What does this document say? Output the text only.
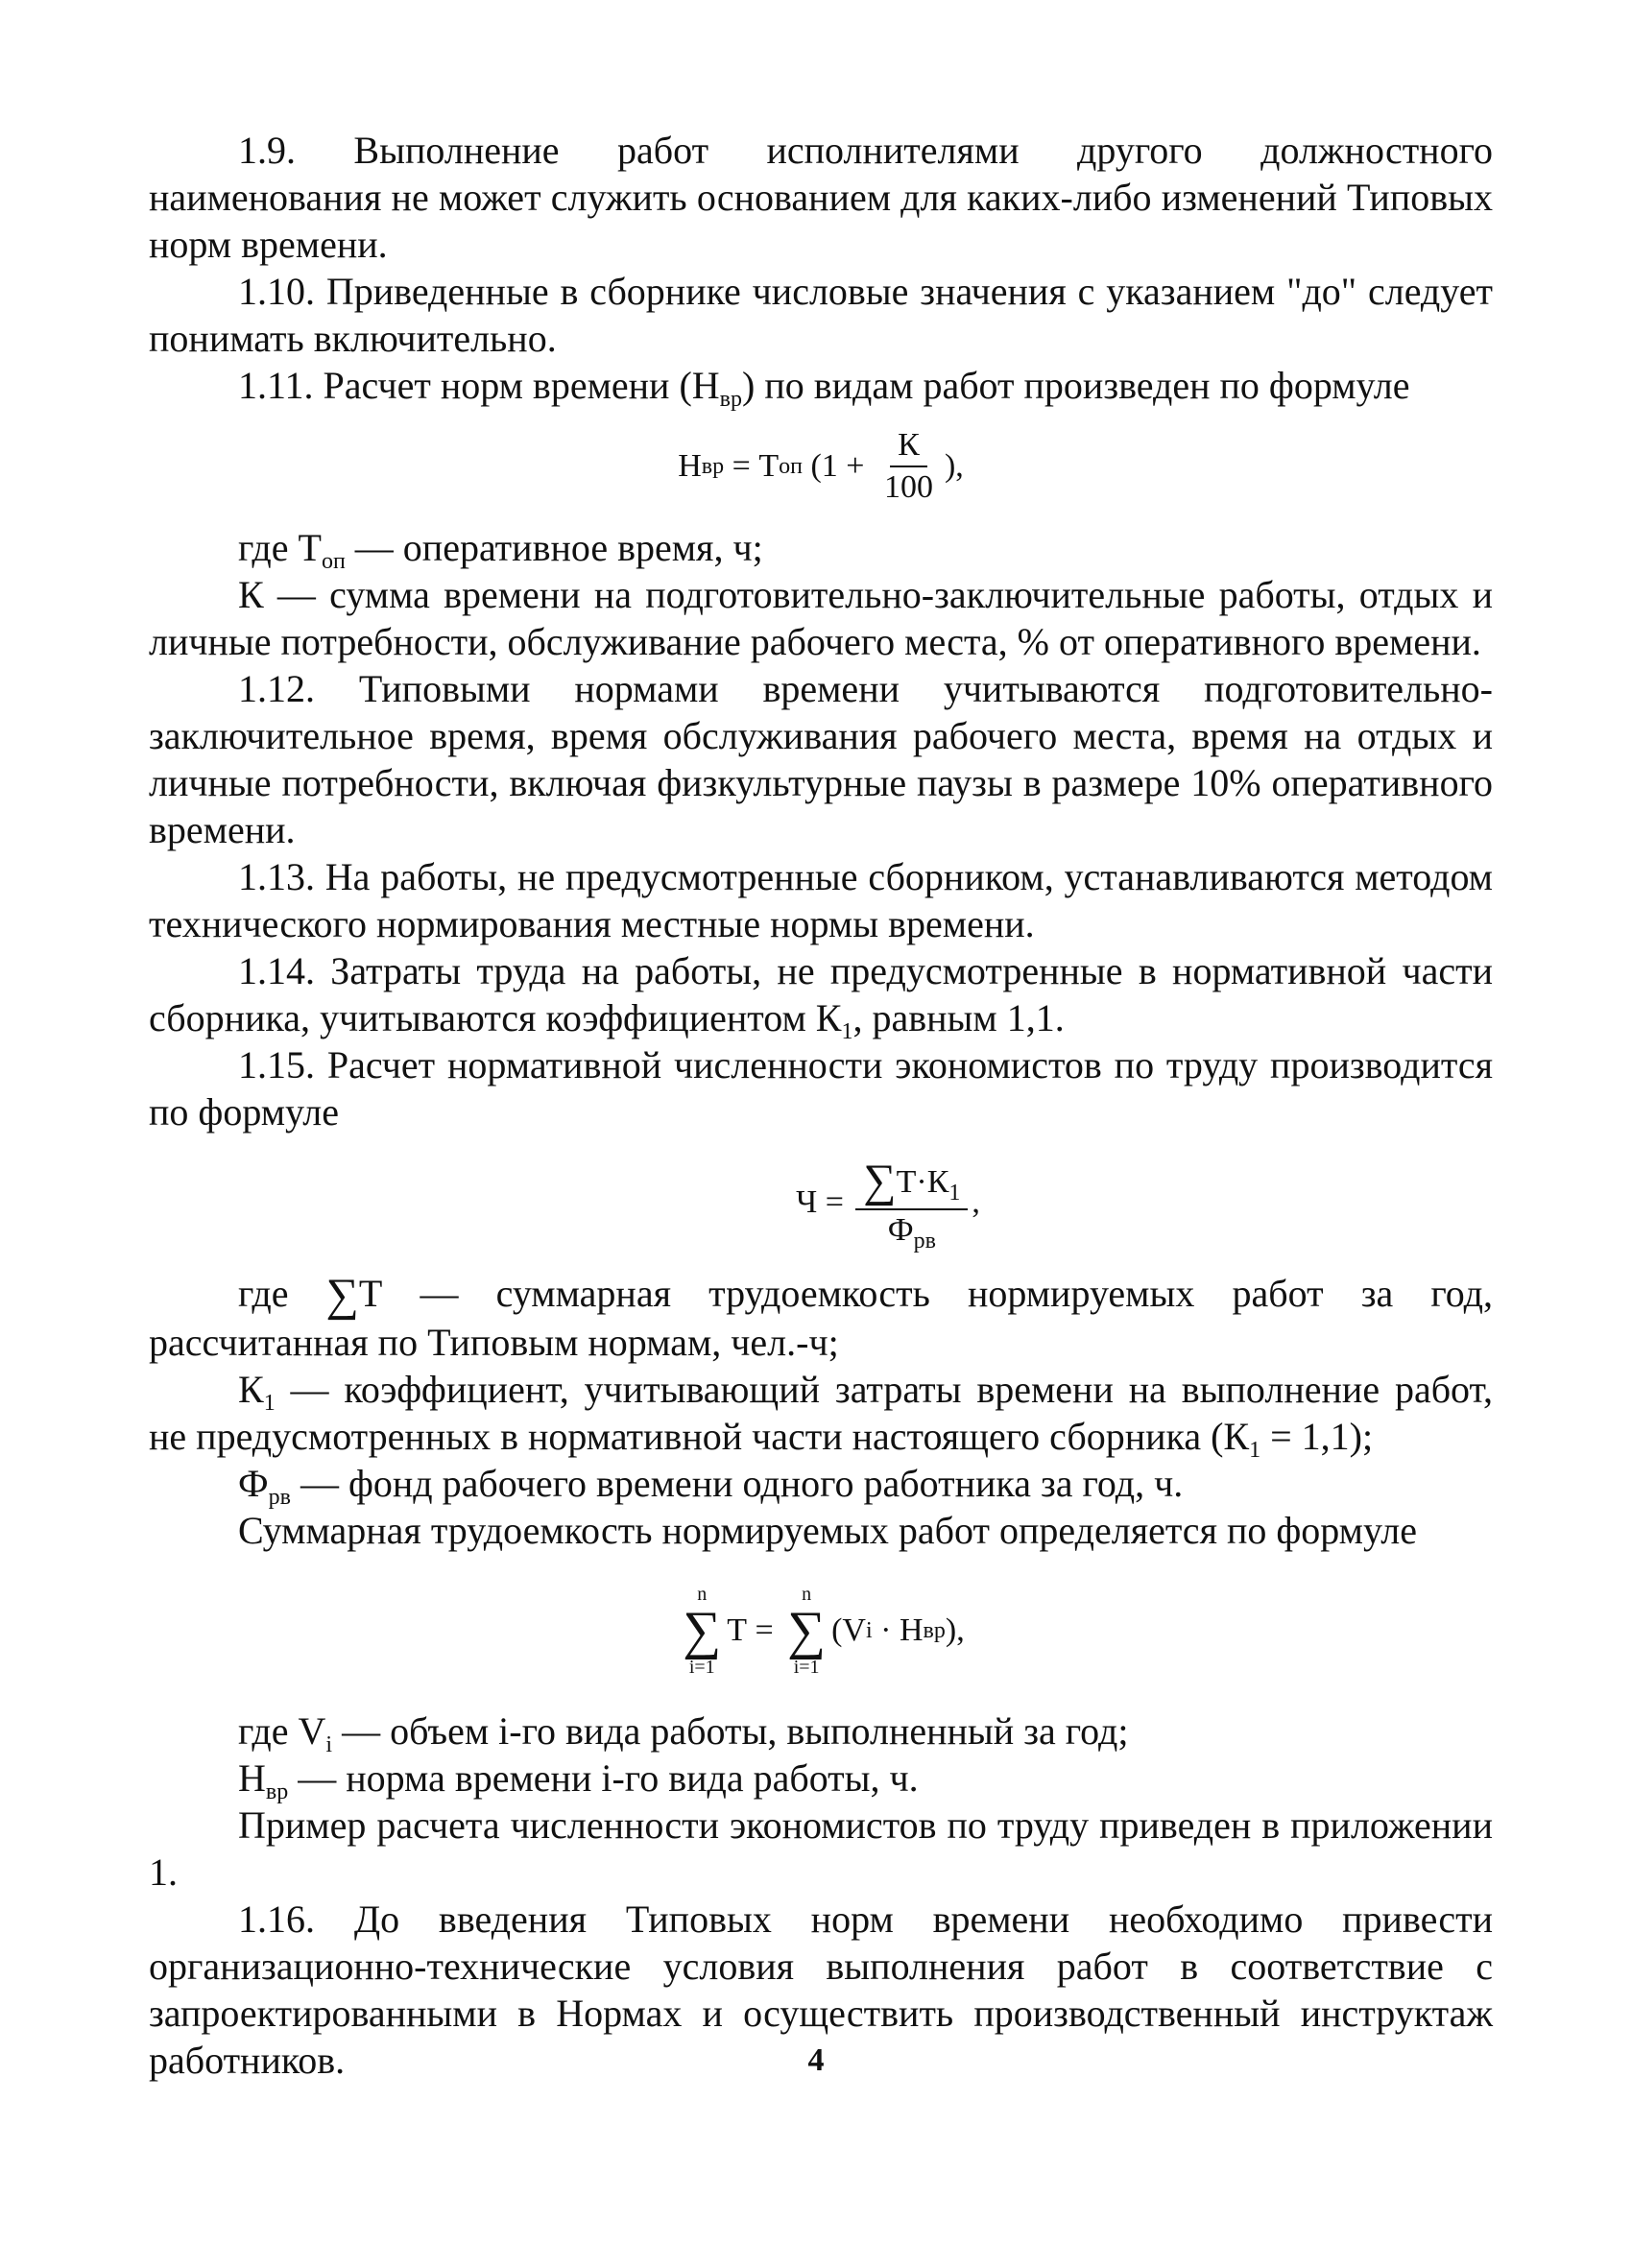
1.9. Выполнение работ исполнителями другого должностного наименования не может служить основанием для каких-либо изменений Типовых норм времени.

1.10. Приведенные в сборнике числовые значения с указанием "до" следует понимать включительно.

1.11. Расчет норм времени $(Н_{вр})$ по видам работ произведен по формуле

Н вр = Т оп ($1 + \frac{К}{100}$ ),

где $Т_{оп}$ — оперативное время, ч;

К — сумма времени на подготовительно-заключительные работы, отдых и личные потребности, обслуживание рабочего места, % от оперативного времени.

1.12. Типовыми нормами времени учитываются подготовительно-заключительное время, время обслуживания рабочего места, время на отдых и личные потребности, включая физкультурные паузы в размере 10% оперативного времени.

1.13. На работы, не предусмотренные сборником, устанавливаются методом технического нормирования местные нормы времени.

1.14. Затраты труда на работы, не предусмотренные в нормативной части сборника, учитываются коэффициентом $К_1$, равным 1,1.

1.15. Расчет нормативной численности экономистов по труду производится по формуле

$Ч = \frac{\sum Т\cdot К_1}{Ф_{рв}}$ ,

где ∑Т — суммарная трудоемкость нормируемых работ за год, рассчитанная по Типовым нормам, чел.-ч;

$К_1$ — коэффициент, учитывающий затраты времени на выполнение работ, не предусмотренных в нормативной части настоящего сборника $(К_1 = 1,1)$;

$Ф_{рв}$ — фонд рабочего времени одного работника за год, ч.

Суммарная трудоемкость нормируемых работ определяется по формуле

n
∑
i=1
Т =
n
∑
i=1
(V i · Н вр ),

где $V_i$ — объем i-го вида работы, выполненный за год;

$Н_{вр}$ — норма времени i-го вида работы, ч.

Пример расчета численности экономистов по труду приведен в приложении 1.

1.16. До введения Типовых норм времени необходимо привести организационно-технические условия выполнения работ в соответствие с запроектированными в Нормах и осуществить производственный инструктаж работников.	4
